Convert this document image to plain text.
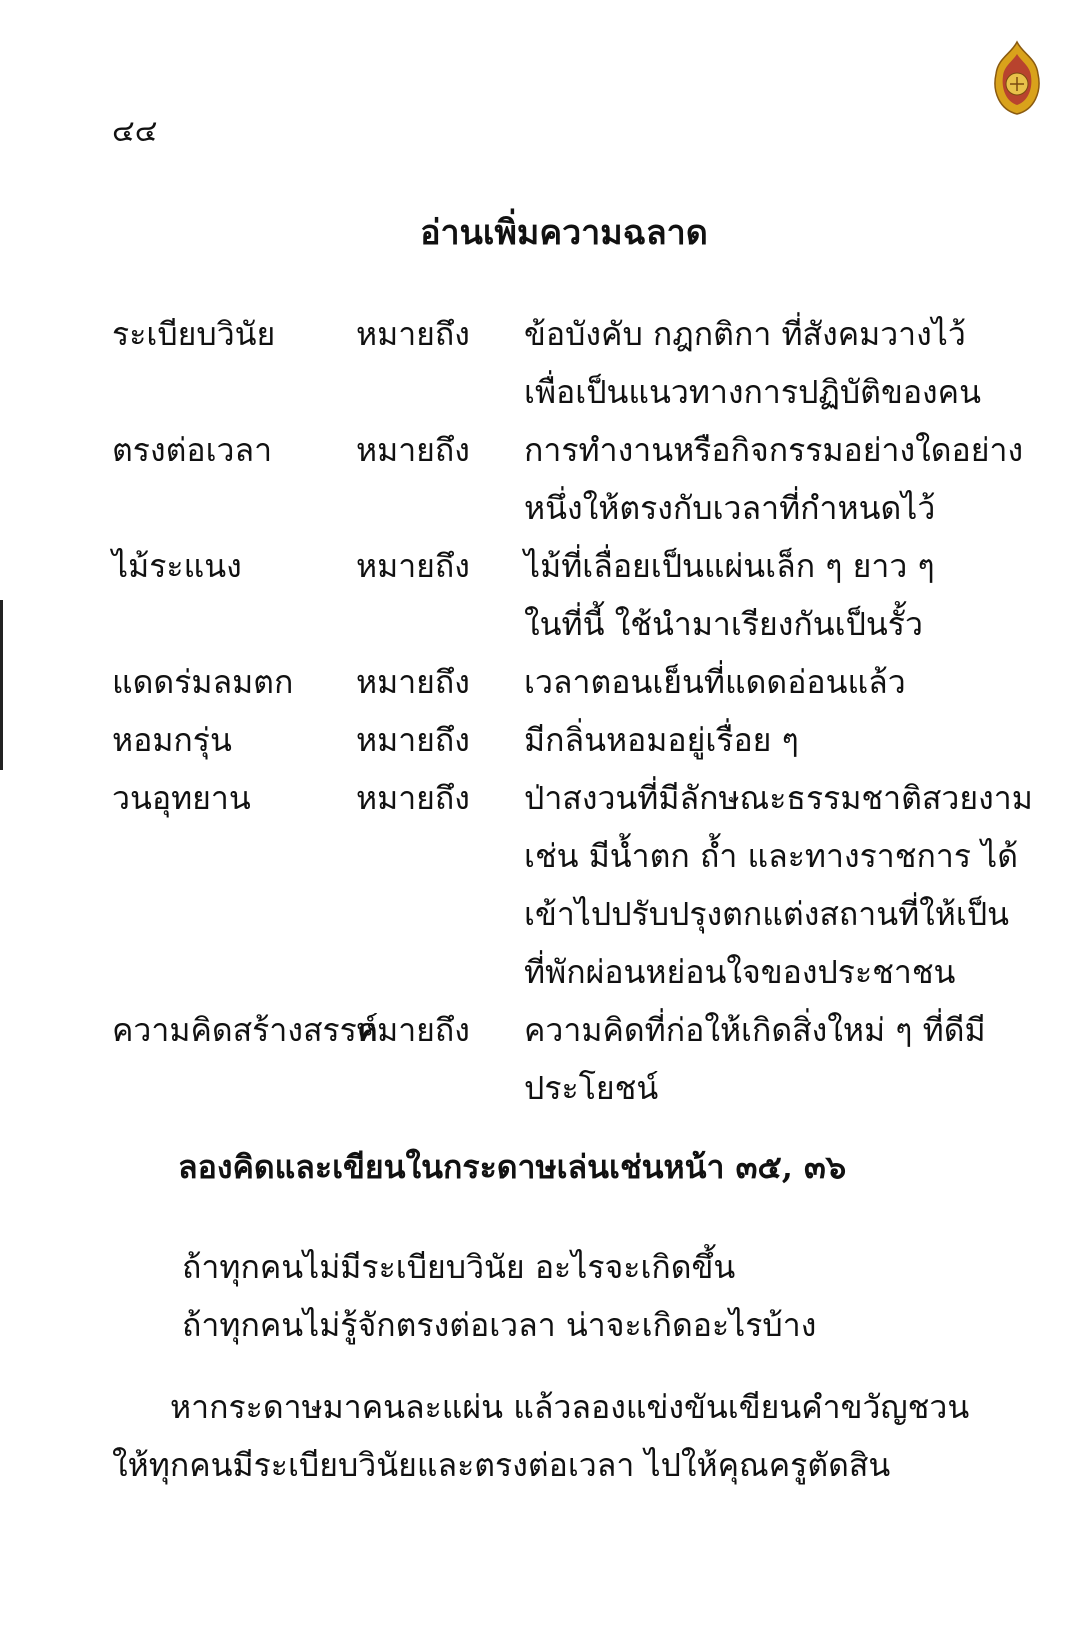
๔๔
อ่านเพิ่มความฉลาด
ระเบียบวินัย	หมายถึง ข้อบังคับ กฎกติกา ที่สังคมวางไว้
เพื่อเป็นแนวทางการปฏิบัติของคน
ตรงต่อเวลา	หมายถึง การทำงานหรือกิจกรรมอย่างใดอย่าง
หนึ่งให้ตรงกับเวลาที่กำหนดไว้
ไม้ระแนง	หมายถึง ไม้ที่เลื่อยเป็นแผ่นเล็ก ๆ ยาว ๆ
ในที่นี้ ใช้นำมาเรียงกันเป็นรั้ว
แดดร่มลมตก หมายถึง เวลาตอนเย็นที่แดดอ่อนแล้ว
หอมกรุ่น	หมายถึง มีกลิ่นหอมอยู่เรื่อย ๆ
วนอุทยาน	หมายถึง ป่าสงวนที่มีลักษณะธรรมชาติสวยงาม
เช่น มีน้ำตก ถ้ำ และทางราชการ ได้
เข้าไปปรับปรุงตกแต่งสถานที่ให้เป็น
ที่พักผ่อนหย่อนใจของประชาชน
ความคิดสร้างสรรค์
หมายถึง ความคิดที่ก่อให้เกิดสิ่งใหม่ ๆ ที่ดีมี
ประโยชน์
ลองคิดและเขียนในกระดาษเล่นเช่นหน้า ๓๕, ๓๖
ถ้าทุกคนไม่มีระเบียบวินัย อะไรจะเกิดขึ้น
ถ้าทุกคนไม่รู้จักตรงต่อเวลา น่าจะเกิดอะไรบ้าง
หากระดาษมาคนละแผ่น แล้วลองแข่งขันเขียนคำขวัญชวน
ให้ทุกคนมีระเบียบวินัยและตรงต่อเวลา ไปให้คุณครูตัดสิน
